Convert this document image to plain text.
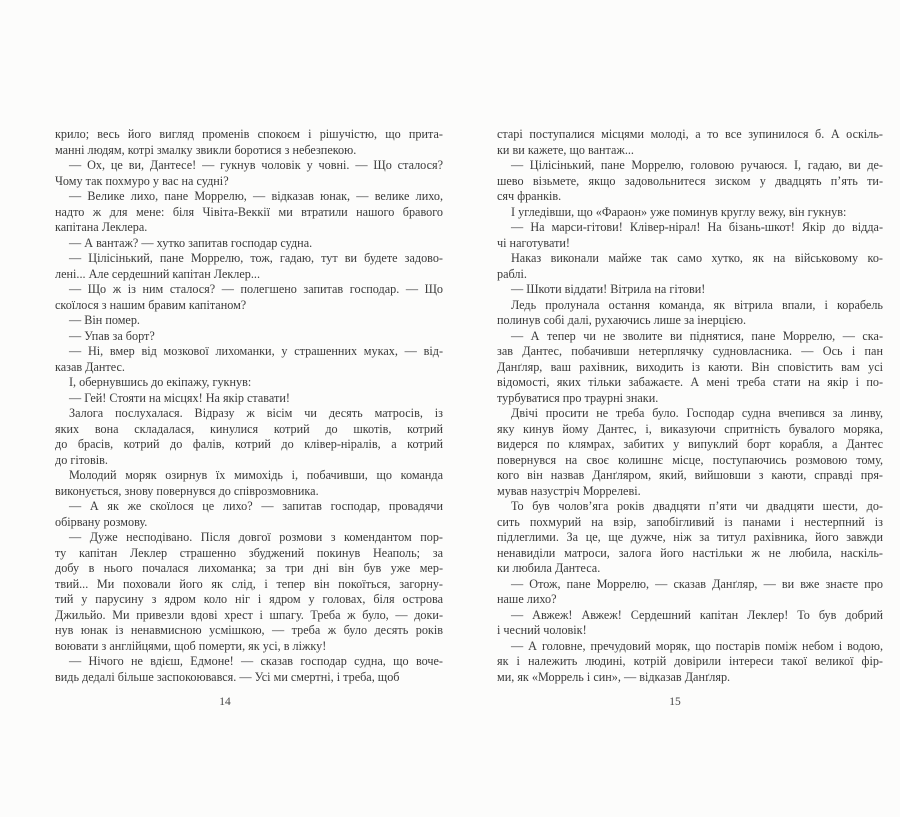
крило; весь його вигляд променів спокоєм і рішучістю, що прита-
манні людям, котрі змалку звикли боротися з небезпекою.
— Ох, це ви, Дантесе! — гукнув чоловік у човні. — Що сталося?
Чому так похмуро у вас на судні?
— Велике лихо, пане Моррелю, — відказав юнак, — велике лихо,
надто ж для мене: біля Чівіта-Веккії ми втратили нашого бравого
капітана Леклера.
— А вантаж? — хутко запитав господар судна.
— Цілісінький, пане Моррелю, тож, гадаю, тут ви будете задово-
лені... Але сердешний капітан Леклер...
— Що ж із ним сталося? — полегшено запитав господар. — Що
скоїлося з нашим бравим капітаном?
— Він помер.
— Упав за борт?
— Ні, вмер від мозкової лихоманки, у страшенних муках, — від-
казав Дантес.
І, обернувшись до екіпажу, гукнув:
— Гей! Стояти на місцях! На якір ставати!
Залога послухалася. Відразу ж вісім чи десять матросів, із
яких вона складалася, кинулися котрий до шкотів, котрий
до брасів, котрий до фалів, котрий до клівер-ніралів, а котрий
до гітовів.
Молодий моряк озирнув їх мимохідь і, побачивши, що команда
виконується, знову повернувся до співрозмовника.
— А як же скоїлося це лихо? — запитав господар, провадячи
обірвану розмову.
— Дуже несподівано. Після довгої розмови з комендантом пор-
ту капітан Леклер страшенно збуджений покинув Неаполь; за
добу в нього почалася лихоманка; за три дні він був уже мер-
твий... Ми поховали його як слід, і тепер він покоїться, загорну-
тий у парусину з ядром коло ніг і ядром у головах, біля острова
Джильйо. Ми привезли вдові хрест і шпагу. Треба ж було, — доки-
нув юнак із ненавмисною усмішкою, — треба ж було десять років
воювати з англійцями, щоб померти, як усі, в ліжку!
— Нічого не вдієш, Едмоне! — сказав господар судна, що воче-
видь дедалі більше заспокоювався. — Усі ми смертні, і треба, щоб
старі поступалися місцями молоді, а то все зупинилося б. А оскіль-
ки ви кажете, що вантаж...
— Цілісінький, пане Моррелю, головою ручаюся. І, гадаю, ви де-
шево візьмете, якщо задовольнитеся зиском у двадцять п’ять ти-
сяч франків.
І угледівши, що «Фараон» уже поминув круглу вежу, він гукнув:
— На марси-гітови! Клівер-нірал! На бізань-шкот! Якір до відда-
чі наготувати!
Наказ виконали майже так само хутко, як на військовому ко-
раблі.
— Шкоти віддати! Вітрила на гітови!
Ледь пролунала остання команда, як вітрила впали, і корабель
полинув собі далі, рухаючись лише за інерцією.
— А тепер чи не зволите ви піднятися, пане Моррелю, — ска-
зав Дантес, побачивши нетерплячку судновласника. — Ось і пан
Данґляр, ваш рахівник, виходить із каюти. Він сповістить вам усі
відомості, яких тільки забажаєте. А мені треба стати на якір і по-
турбуватися про траурні знаки.
Двічі просити не треба було. Господар судна вчепився за линву,
яку кинув йому Дантес, і, виказуючи спритність бувалого моряка,
видерся по клямрах, забитих у випуклий борт корабля, а Дантес
повернувся на своє колишнє місце, поступаючись розмовою тому,
кого він назвав Данґляром, який, вийшовши з каюти, справді пря-
мував назустріч Моррелеві.
То був чолов’яга років двадцяти п’яти чи двадцяти шести, до-
сить похмурий на взір, запобігливий із панами і нестерпний із
підлеглими. За це, ще дужче, ніж за титул рахівника, його завжди
ненавиділи матроси, залога його настільки ж не любила, наскіль-
ки любила Дантеса.
— Отож, пане Моррелю, — сказав Данґляр, — ви вже знаєте про
наше лихо?
— Авжеж! Авжеж! Сердешний капітан Леклер! То був добрий
і чесний чоловік!
— А головне, пречудовий моряк, що постарів поміж небом і водою,
як і належить людині, котрій довірили інтереси такої великої фір-
ми, як «Моррель і син», — відказав Данґляр.
14	15
